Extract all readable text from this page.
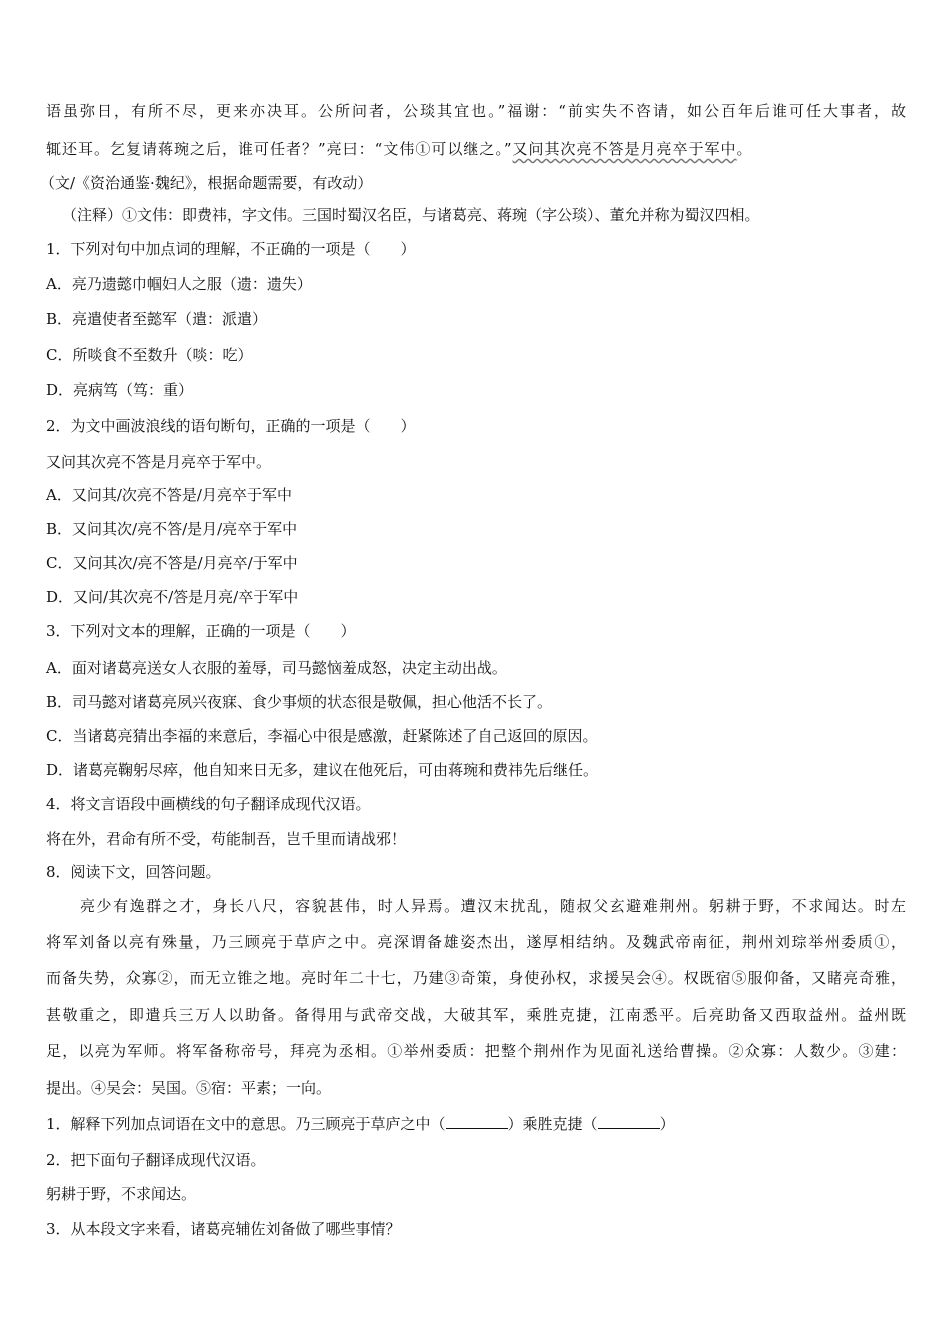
语虽弥日，有所不尽，更来亦决耳。公所问者，公琰其宜也。”福谢：“前实失不咨请，如公百年后谁可任大事者，故
辄还耳。乞复请蒋琬之后，谁可任者？”亮曰：“文伟①可以继之。”又问其次亮不答是月亮卒于军中。
（文/《资治通鉴·魏纪》，根据命题需要，有改动）
（注释）①文伟：即费祎，字文伟。三国时蜀汉名臣，与诸葛亮、蒋琬（字公琰）、董允并称为蜀汉四相。
1．下列对句中加点词的理解，不正确的一项是（　　）
A．亮乃遗懿巾帼妇人之服（遗：遗失）
B．亮遣使者至懿军（遣：派遣）
C．所啖食不至数升（啖：吃）
D．亮病笃（笃：重）
2．为文中画波浪线的语句断句，正确的一项是（　　）
又问其次亮不答是月亮卒于军中。
A．又问其/次亮不答是/月亮卒于军中
B．又问其次/亮不答/是月/亮卒于军中
C．又问其次/亮不答是/月亮卒/于军中
D．又问/其次亮不/答是月亮/卒于军中
3．下列对文本的理解，正确的一项是（　　）
A．面对诸葛亮送女人衣服的羞辱，司马懿恼羞成怒，决定主动出战。
B．司马懿对诸葛亮夙兴夜寐、食少事烦的状态很是敬佩，担心他活不长了。
C．当诸葛亮猜出李福的来意后，李福心中很是感激，赶紧陈述了自己返回的原因。
D．诸葛亮鞠躬尽瘁，他自知来日无多，建议在他死后，可由蒋琬和费祎先后继任。
4．将文言语段中画横线的句子翻译成现代汉语。
将在外，君命有所不受，苟能制吾，岂千里而请战邪！
8．阅读下文，回答问题。
亮少有逸群之才，身长八尺，容貌甚伟，时人异焉。遭汉末扰乱，随叔父玄避难荆州。躬耕于野，不求闻达。时左
将军刘备以亮有殊量，乃三顾亮于草庐之中。亮深谓备雄姿杰出，遂厚相结纳。及魏武帝南征，荆州刘琮举州委质①，
而备失势，众寡②，而无立锥之地。亮时年二十七，乃建③奇策，身使孙权，求援吴会④。权既宿⑤服仰备，又睹亮奇雅，
甚敬重之，即遣兵三万人以助备。备得用与武帝交战，大破其军，乘胜克捷，江南悉平。后亮助备又西取益州。益州既
足，以亮为军师。将军备称帝号，拜亮为丞相。①举州委质：把整个荆州作为见面礼送给曹操。②众寡：人数少。③建：
提出。④吴会：吴国。⑤宿：平素；一向。
1．解释下列加点词语在文中的意思。乃三顾亮于草庐之中（	）乘胜克捷（	）
2．把下面句子翻译成现代汉语。
躬耕于野，不求闻达。
3．从本段文字来看，诸葛亮辅佐刘备做了哪些事情？
